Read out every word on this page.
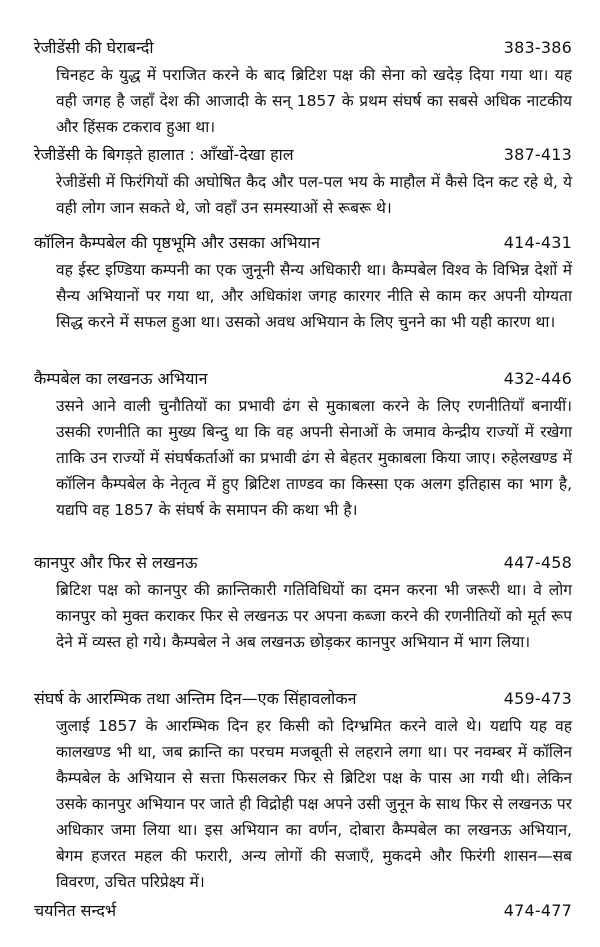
रेजीडेंसी की घेराबन्दी	383-386
चिनहट के युद्ध में पराजित करने के बाद ब्रिटिश पक्ष की सेना को खदेड़ दिया गया था। यह वही जगह है जहाँ देश की आजादी के सन् 1857 के प्रथम संघर्ष का सबसे अधिक नाटकीय और हिंसक टकराव हुआ था।
रेजीडेंसी के बिगड़ते हालात : आँखों-देखा हाल	387-413
रेजीडेंसी में फिरंगियों की अघोषित कैद और पल-पल भय के माहौल में कैसे दिन कट रहे थे, ये वही लोग जान सकते थे, जो वहाँ उन समस्याओं से रूबरू थे।
कॉलिन कैम्पबेल की पृष्ठभूमि और उसका अभियान	414-431
वह ईस्ट इण्डिया कम्पनी का एक जुनूनी सैन्य अधिकारी था। कैम्पबेल विश्व के विभिन्न देशों में सैन्य अभियानों पर गया था, और अधिकांश जगह कारगर नीति से काम कर अपनी योग्यता सिद्ध करने में सफल हुआ था। उसको अवध अभियान के लिए चुनने का भी यही कारण था।
कैम्पबेल का लखनऊ अभियान	432-446
उसने आने वाली चुनौतियों का प्रभावी ढंग से मुकाबला करने के लिए रणनीतियाँ बनायीं। उसकी रणनीति का मुख्य बिन्दु था कि वह अपनी सेनाओं के जमाव केन्द्रीय राज्यों में रखेगा ताकि उन राज्यों में संघर्षकर्ताओं का प्रभावी ढंग से बेहतर मुकाबला किया जाए। रुहेलखण्ड में कॉलिन कैम्पबेल के नेतृत्व में हुए ब्रिटिश ताण्डव का किस्सा एक अलग इतिहास का भाग है, यद्यपि वह 1857 के संघर्ष के समापन की कथा भी है।
कानपुर और फिर से लखनऊ	447-458
ब्रिटिश पक्ष को कानपुर की क्रान्तिकारी गतिविधियों का दमन करना भी जरूरी था। वे लोग कानपुर को मुक्त कराकर फिर से लखनऊ पर अपना कब्जा करने की रणनीतियों को मूर्त रूप देने में व्यस्त हो गये। कैम्पबेल ने अब लखनऊ छोड़कर कानपुर अभियान में भाग लिया।
संघर्ष के आरम्भिक तथा अन्तिम दिन—एक सिंहावलोकन	459-473
जुलाई 1857 के आरम्भिक दिन हर किसी को दिग्भ्रमित करने वाले थे। यद्यपि यह वह कालखण्ड भी था, जब क्रान्ति का परचम मजबूती से लहराने लगा था। पर नवम्बर में कॉलिन कैम्पबेल के अभियान से सत्ता फिसलकर फिर से ब्रिटिश पक्ष के पास आ गयी थी। लेकिन उसके कानपुर अभियान पर जाते ही विद्रोही पक्ष अपने उसी जुनून के साथ फिर से लखनऊ पर अधिकार जमा लिया था। इस अभियान का वर्णन, दोबारा कैम्पबेल का लखनऊ अभियान, बेगम हजरत महल की फरारी, अन्य लोगों की सजाएँ, मुकदमे और फिरंगी शासन—सब विवरण, उचित परिप्रेक्ष्य में।
चयनित सन्दर्भ	474-477
